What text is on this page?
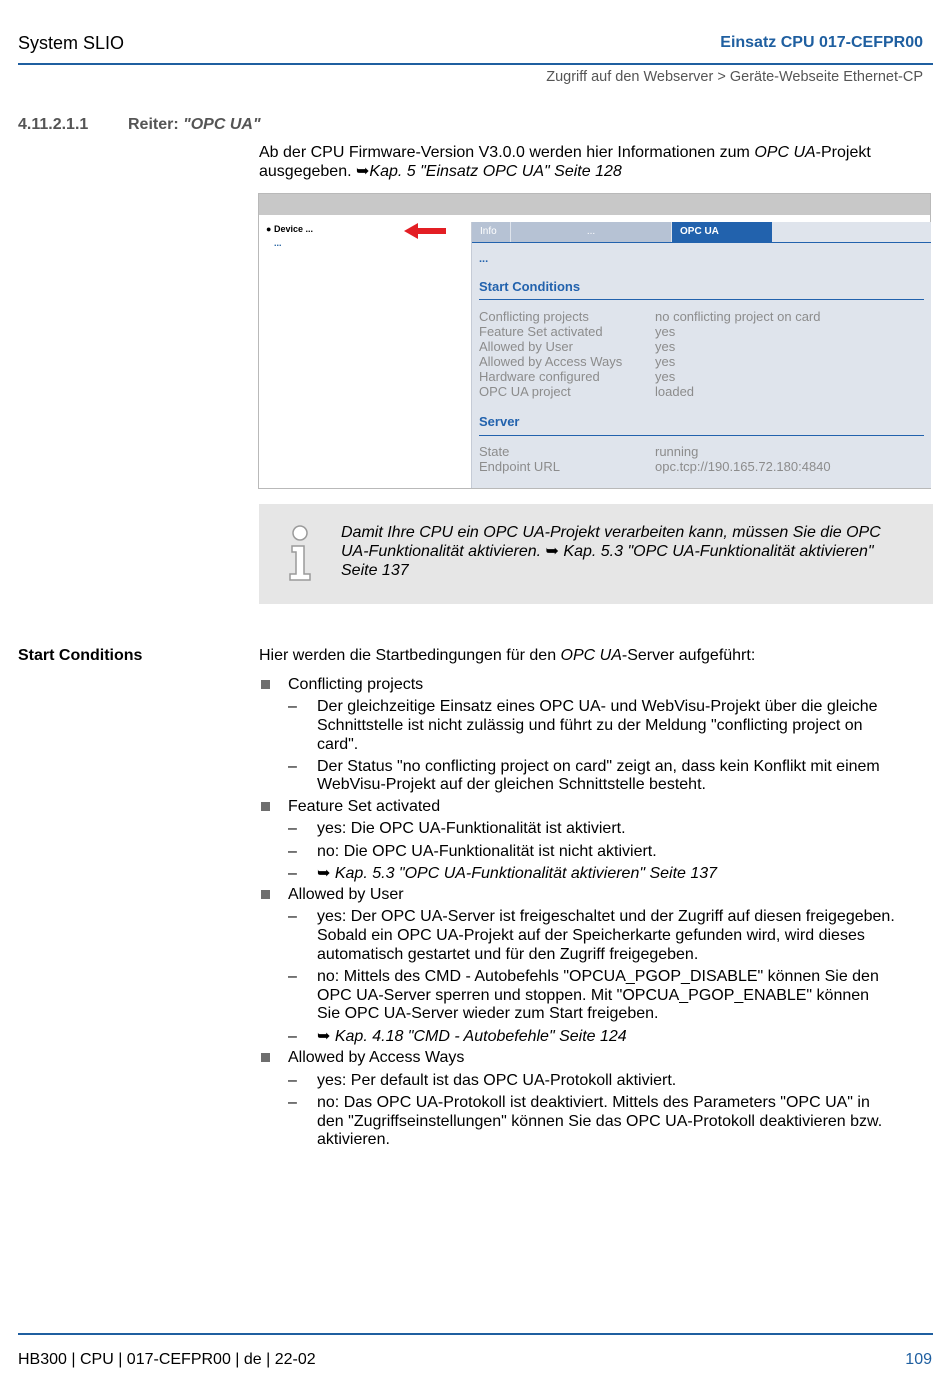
System SLIO	Einsatz CPU 017-CEFPR00
Zugriff auf den Webserver > Geräte-Webseite Ethernet-CP
4.11.2.1.1 Reiter: "OPC UA"
Ab der CPU Firmware-Version V3.0.0 werden hier Informationen zum OPC UA-Projekt ausgegeben. ➥Kap. 5 "Einsatz OPC UA" Seite 128
● Device ...
...
Info	...	OPC UA
...
Start Conditions
Conflicting projects	no conflicting project on card
Feature Set activated	yes
Allowed by User	yes
Allowed by Access Ways	yes
Hardware configured	yes
OPC UA project	loaded
Server
State	running
Endpoint URL	opc.tcp://190.165.72.180:4840
Damit Ihre CPU ein OPC UA-Projekt verarbeiten kann, müssen Sie die OPC UA-Funktionalität aktivieren. ➥ Kap. 5.3 "OPC UA-Funktionalität aktivieren" Seite 137
Start Conditions	Hier werden die Startbedingungen für den OPC UA-Server aufgeführt:
Conflicting projects
– Der gleichzeitige Einsatz eines OPC UA- und WebVisu-Projekt über die gleiche
Schnittstelle ist nicht zulässig und führt zu der Meldung "conflicting project on
card".
– Der Status "no conflicting project on card" zeigt an, dass kein Konflikt mit einem
WebVisu-Projekt auf der gleichen Schnittstelle besteht.
Feature Set activated
– yes: Die OPC UA-Funktionalität ist aktiviert.
– no: Die OPC UA-Funktionalität ist nicht aktiviert.
– ➥ Kap. 5.3 "OPC UA-Funktionalität aktivieren" Seite 137
Allowed by User
– yes: Der OPC UA-Server ist freigeschaltet und der Zugriff auf diesen freigegeben.
Sobald ein OPC UA-Projekt auf der Speicherkarte gefunden wird, wird dieses
automatisch gestartet und für den Zugriff freigegeben.
– no: Mittels des CMD - Autobefehls "OPCUA_PGOP_DISABLE" können Sie den
OPC UA-Server sperren und stoppen. Mit "OPCUA_PGOP_ENABLE" können
Sie OPC UA-Server wieder zum Start freigeben.
– ➥ Kap. 4.18 "CMD - Autobefehle" Seite 124
Allowed by Access Ways
– yes: Per default ist das OPC UA-Protokoll aktiviert.
– no: Das OPC UA-Protokoll ist deaktiviert. Mittels des Parameters "OPC UA" in
den "Zugriffseinstellungen" können Sie das OPC UA-Protokoll deaktivieren bzw.
aktivieren.
HB300 | CPU | 017-CEFPR00 | de | 22-02	109
